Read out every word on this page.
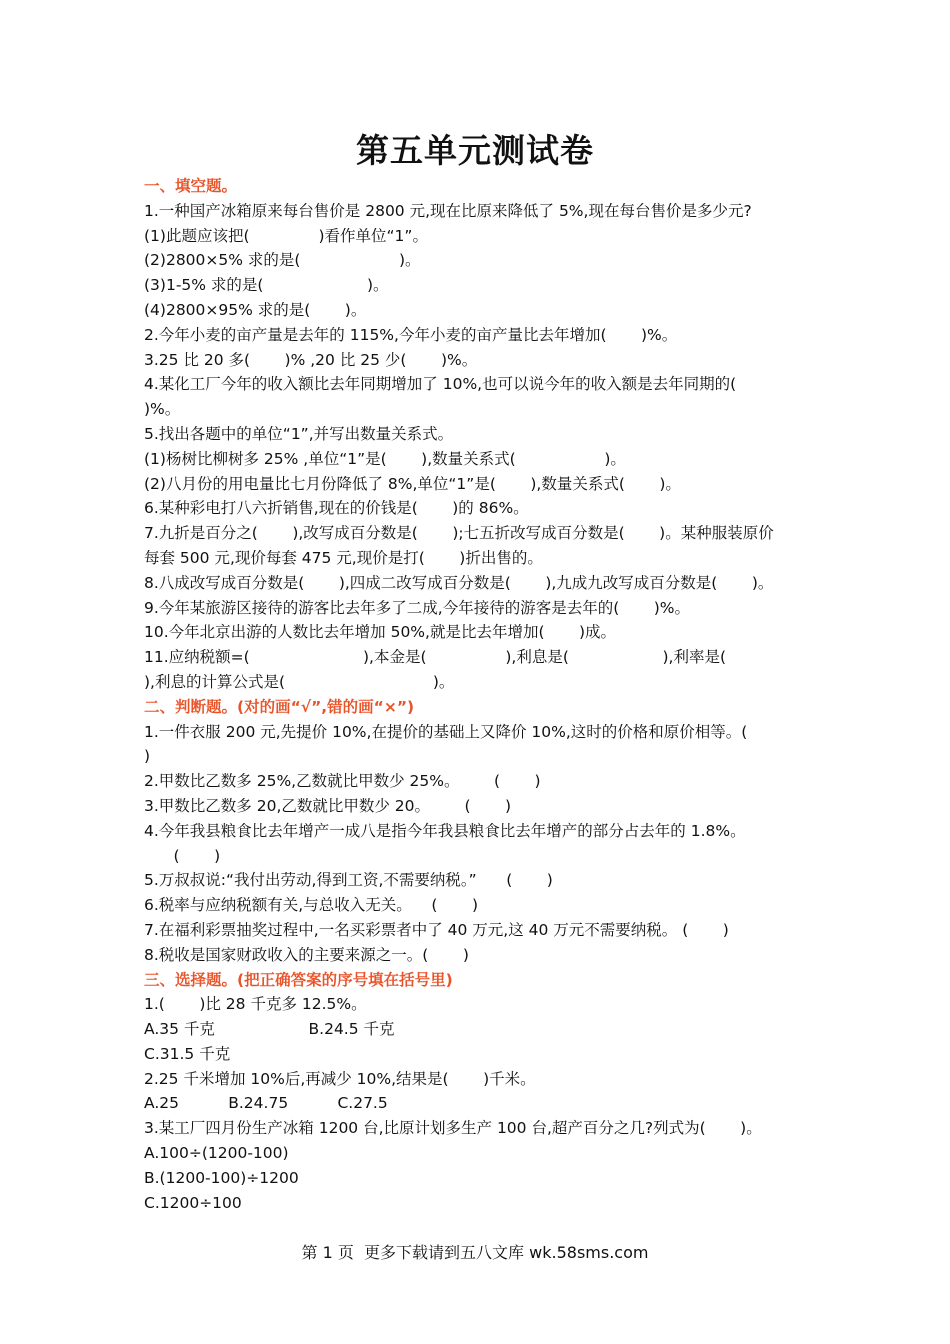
第五单元测试卷
一、填空题。
1.一种国产冰箱原来每台售价是 2800 元,现在比原来降低了 5%,现在每台售价是多少元?
(1)此题应该把(              )看作单位“1”。
(2)2800×5% 求的是(                    )。
(3)1-5% 求的是(                     )。
(4)2800×95% 求的是(       )。
2.今年小麦的亩产量是去年的 115%,今年小麦的亩产量比去年增加(       )%。
3.25 比 20 多(       )% ,20 比 25 少(       )%。
4.某化工厂今年的收入额比去年同期增加了 10%,也可以说今年的收入额是去年同期的(
)%。
5.找出各题中的单位“1”,并写出数量关系式。
(1)杨树比柳树多 25% ,单位“1”是(       ),数量关系式(                  )。
(2)八月份的用电量比七月份降低了 8%,单位“1”是(       ),数量关系式(       )。
6.某种彩电打八六折销售,现在的价钱是(       )的 86%。
7.九折是百分之(       ),改写成百分数是(       );七五折改写成百分数是(       )。某种服装原价
每套 500 元,现价每套 475 元,现价是打(       )折出售的。
8.八成改写成百分数是(       ),四成二改写成百分数是(       ),九成九改写成百分数是(       )。
9.今年某旅游区接待的游客比去年多了二成,今年接待的游客是去年的(       )%。
10.今年北京出游的人数比去年增加 50%,就是比去年增加(       )成。
11.应纳税额=(                       ),本金是(                ),利息是(                   ),利率是(
),利息的计算公式是(                              )。
二、判断题。(对的画“√”,错的画“×”)
1.一件衣服 200 元,先提价 10%,在提价的基础上又降价 10%,这时的价格和原价相等。(
)
2.甲数比乙数多 25%,乙数就比甲数少 25%。       (       )
3.甲数比乙数多 20,乙数就比甲数少 20。       (       )
4.今年我县粮食比去年增产一成八是指今年我县粮食比去年增产的部分占去年的 1.8%。
(       )
5.万叔叔说:“我付出劳动,得到工资,不需要纳税。”      (       )
6.税率与应纳税额有关,与总收入无关。    (       )
7.在福利彩票抽奖过程中,一名买彩票者中了 40 万元,这 40 万元不需要纳税。 (       )
8.税收是国家财政收入的主要来源之一。(       )
三、选择题。(把正确答案的序号填在括号里)
1.(       )比 28 千克多 12.5%。
A.35 千克                   B.24.5 千克
C.31.5 千克
2.25 千米增加 10%后,再减少 10%,结果是(       )千米。
A.25          B.24.75          C.27.5
3.某工厂四月份生产冰箱 1200 台,比原计划多生产 100 台,超产百分之几?列式为(       )。
A.100÷(1200-100)
B.(1200-100)÷1200
C.1200÷100
第 1 页  更多下载请到五八文库 wk.58sms.com
